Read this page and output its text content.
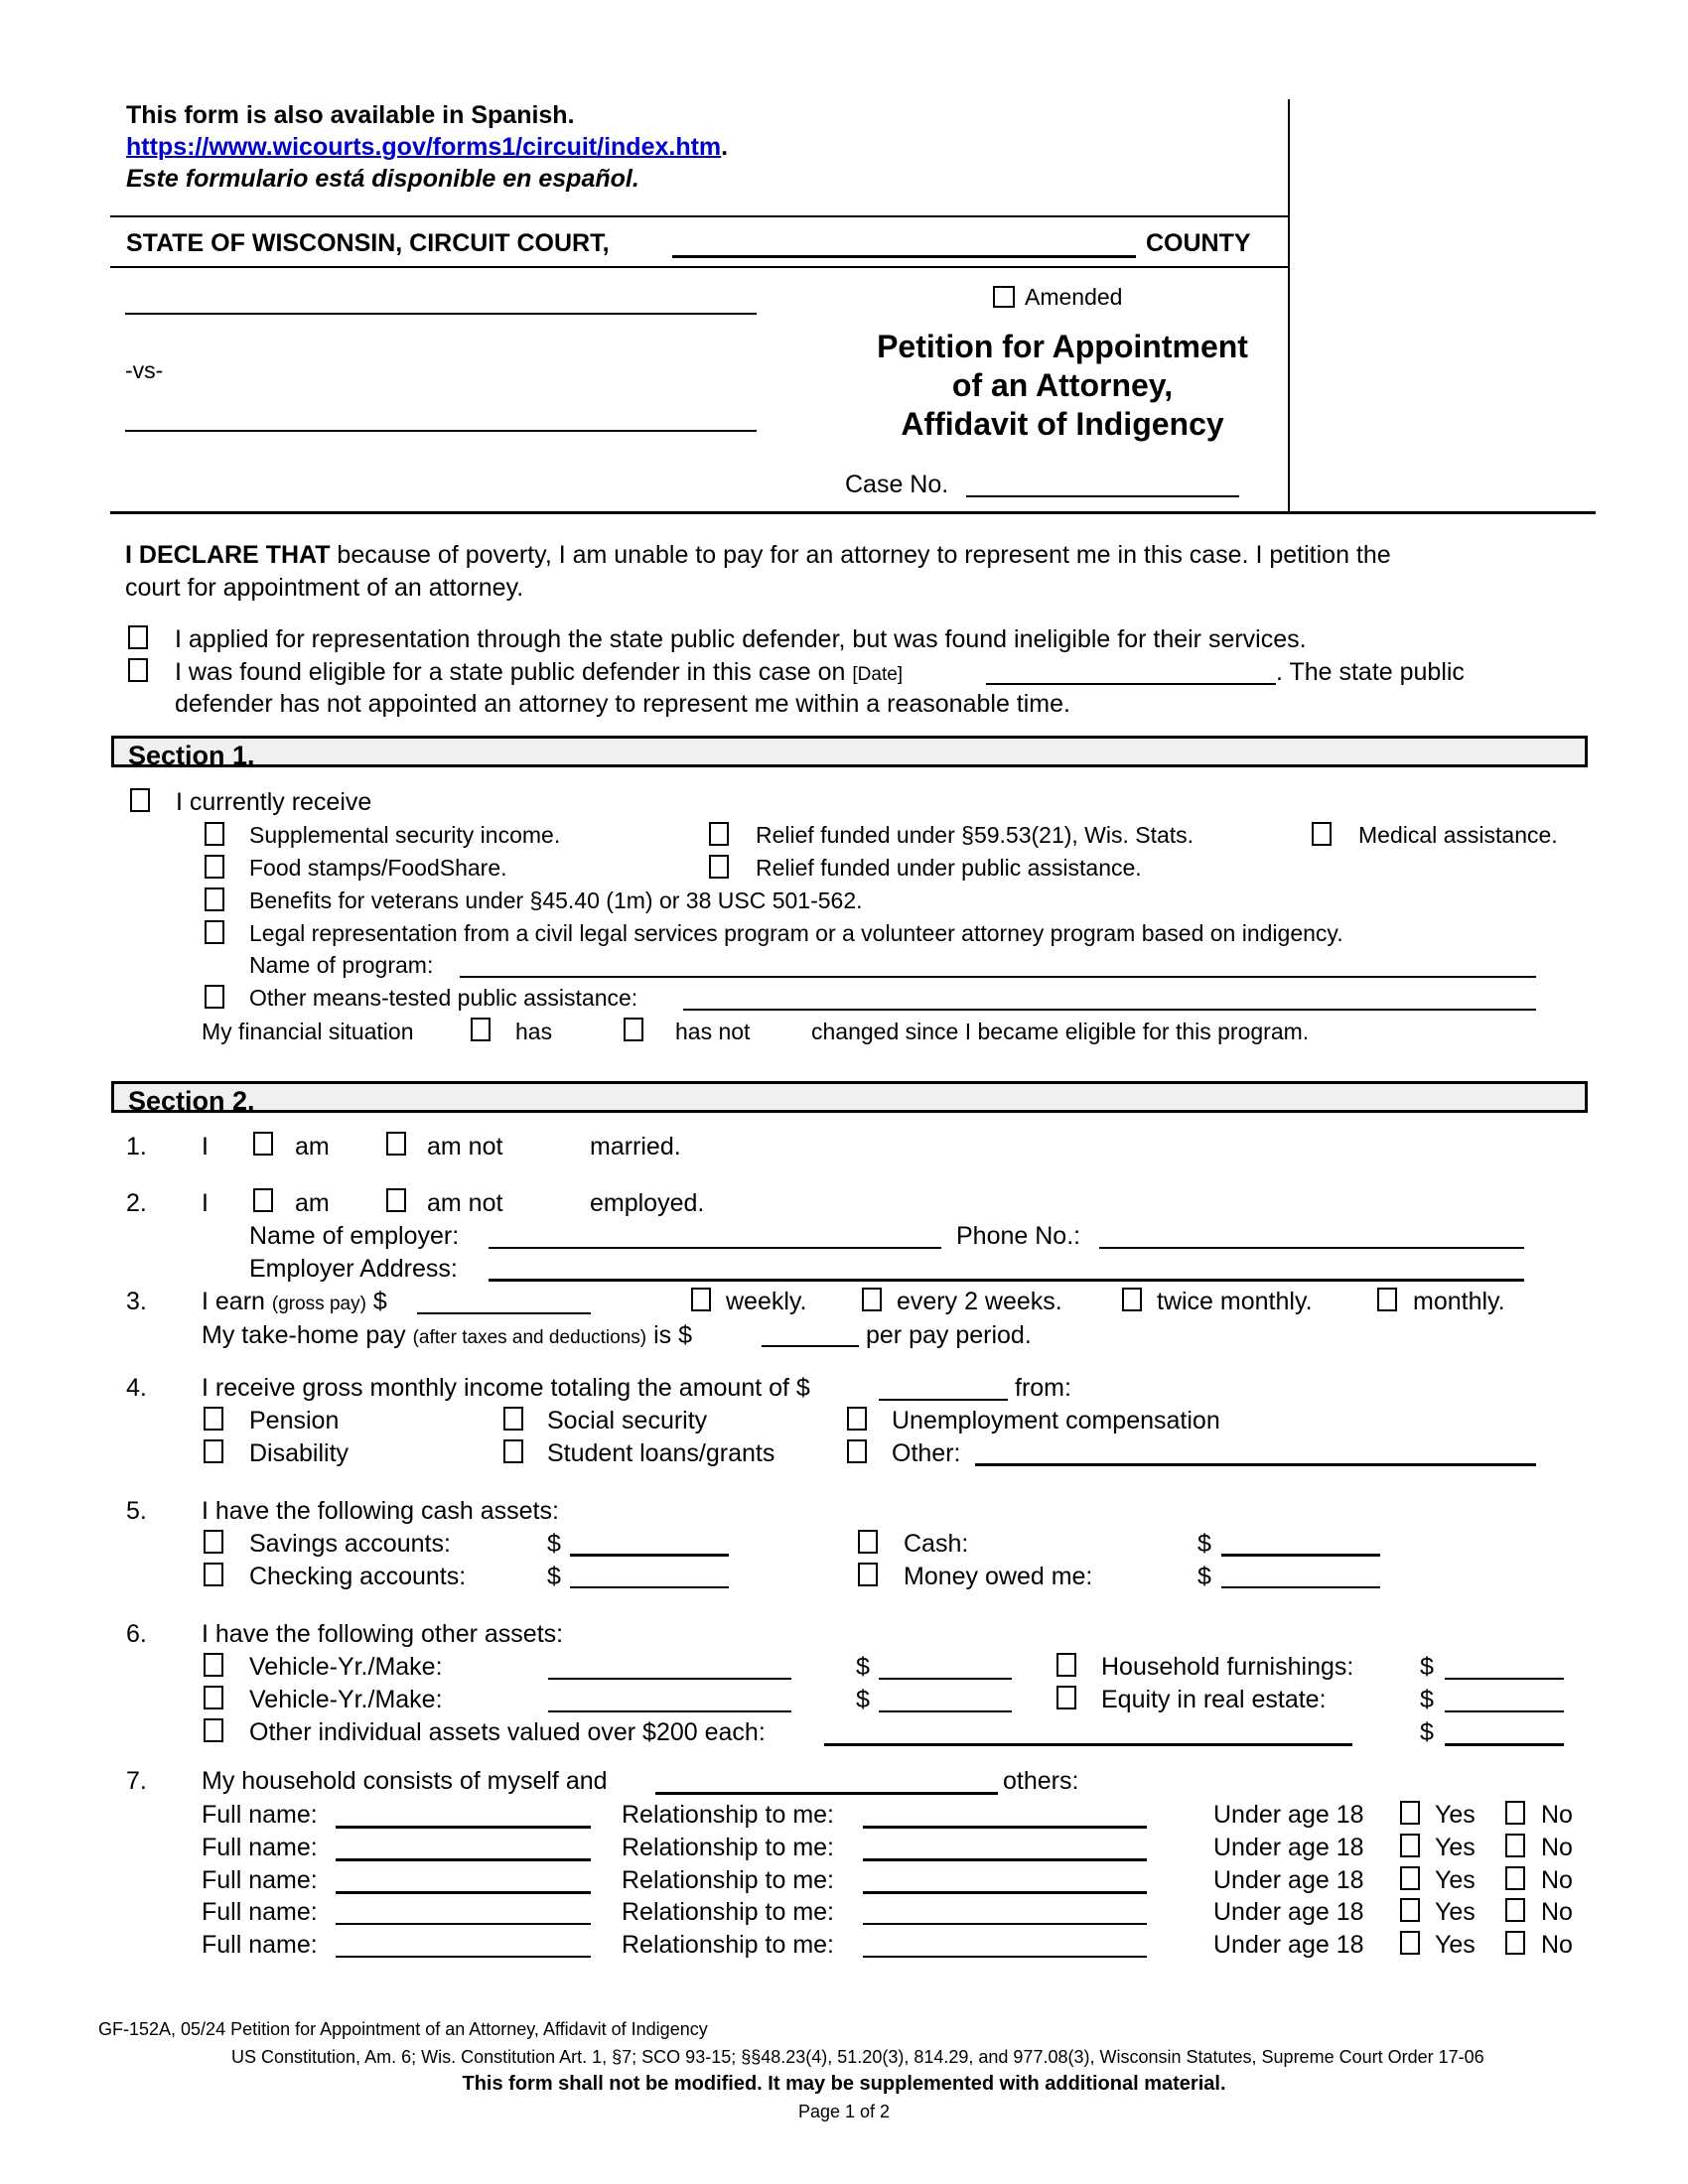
This form is also available in Spanish.
https://www.wicourts.gov/forms1/circuit/index.htm.
Este formulario está disponible en español.
STATE OF WISCONSIN, CIRCUIT COURT,	COUNTY
-vs-
Amended
Petition for Appointment
of an Attorney,
Affidavit of Indigency
Case No.
I DECLARE THAT because of poverty, I am unable to pay for an attorney to represent me in this case. I petition the
court for appointment of an attorney.
I applied for representation through the state public defender, but was found ineligible for their services.
I was found eligible for a state public defender in this case on [Date]	. The state public
defender has not appointed an attorney to represent me within a reasonable time.
Section 1.
I currently receive
Supplemental security income.	Relief funded under §59.53(21), Wis. Stats.	Medical assistance.
Food stamps/FoodShare.	Relief funded under public assistance.
Benefits for veterans under §45.40 (1m) or 38 USC 501-562.
Legal representation from a civil legal services program or a volunteer attorney program based on indigency.
Name of program:
Other means-tested public assistance:
My financial situation	has	has not	changed since I became eligible for this program.
Section 2.
1. I	am	am not	married.
2. I	am	am not	employed.
Name of employer:	Phone No.:
Employer Address:
3. I earn (gross pay) $	weekly.	every 2 weeks.	twice monthly.	monthly.
My take-home pay (after taxes and deductions) is $	per pay period.
4. I receive gross monthly income totaling the amount of $	from:
Pension	Social security	Unemployment compensation
Disability	Student loans/grants	Other:
5. I have the following cash assets:
Savings accounts:	$	Cash:	$
Checking accounts:	$	Money owed me:	$
6. I have the following other assets:
Vehicle-Yr./Make:	$	Household furnishings:	$
Vehicle-Yr./Make:	$	Equity in real estate:	$
Other individual assets valued over $200 each:	$
7. My household consists of myself and	others:
Full name:	Relationship to me:	Under age 18	Yes	No
Full name:	Relationship to me:	Under age 18	Yes	No
Full name:	Relationship to me:	Under age 18	Yes	No
Full name:	Relationship to me:	Under age 18	Yes	No
Full name:	Relationship to me:	Under age 18	Yes	No
GF-152A, 05/24 Petition for Appointment of an Attorney, Affidavit of Indigency
US Constitution, Am. 6; Wis. Constitution Art. 1, §7; SCO 93-15; §§48.23(4), 51.20(3), 814.29, and 977.08(3), Wisconsin Statutes, Supreme Court Order 17-06
This form shall not be modified. It may be supplemented with additional material.
Page 1 of 2
